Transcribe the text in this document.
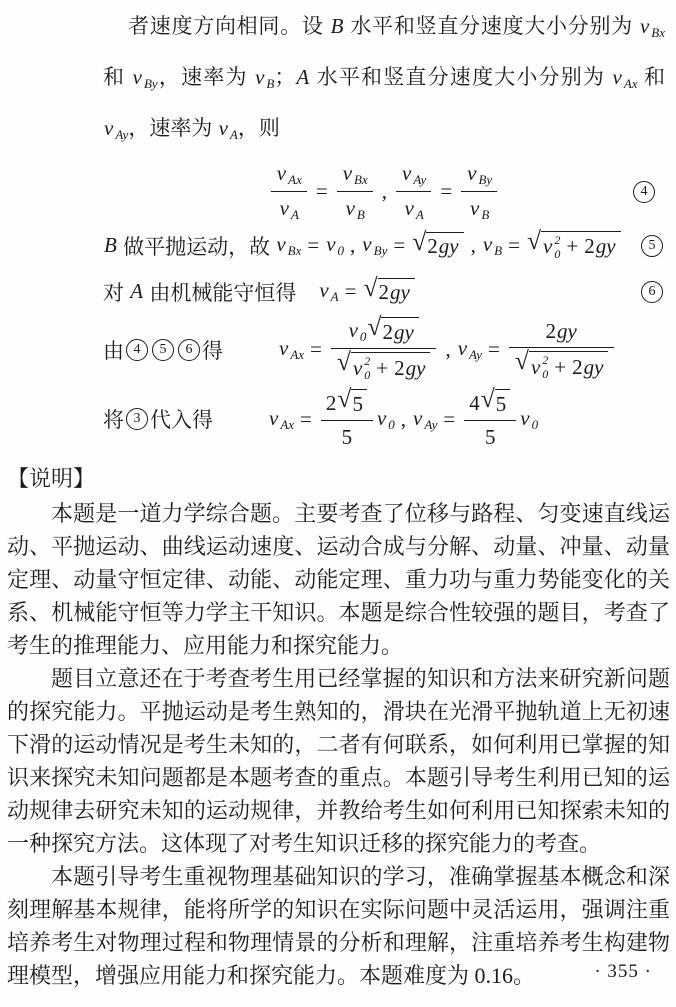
者速度方向相同。设 B 水平和竖直分速度大小分别为 v Bx 和 v By，速率为 v B；A 水平和竖直分速度大小分别为 v Ax 和 v Ay，速率为 v A，则

v Ax
v A
=
v Bx
v B
,
v Ay
v A
=
v By
v B
4
B 做平抛运动，故 v Bx = v 0 , v By = √ 2 gy , v B = √ v 2
0 + 2 gy	5
对 A 由机械能守恒得 v A = √ 2 gy	6
由 4	5	6 得	v Ax = v 0 √ 2 gy
√ v 2
0 + 2 gy , v Ay = 2 gy
√ v 2
0 + 2 gy
将 3 代入得	v $Ax = \frac{2 √ 5}{5}$ v 0 , v $Ay = \frac{4 √ 5}{5}$ v 0
【说明】

本题是一道力学综合题。主要考查了位移与路程、匀变速直线运动、平抛运动、曲线运动速度、运动合成与分解、动量、冲量、动量定理、动量守恒定律、动能、动能定理、重力功与重力势能变化的关系、机械能守恒等力学主干知识。本题是综合性较强的题目，考查了考生的推理能力、应用能力和探究能力。

题目立意还在于考查考生用已经掌握的知识和方法来研究新问题的探究能力。平抛运动是考生熟知的，滑块在光滑平抛轨道上无初速下滑的运动情况是考生未知的，二者有何联系，如何利用已掌握的知识来探究未知问题都是本题考查的重点。本题引导考生利用已知的运动规律去研究未知的运动规律，并教给考生如何利用已知探索未知的一种探究方法。这体现了对考生知识迁移的探究能力的考查。

本题引导考生重视物理基础知识的学习，准确掌握基本概念和深刻理解基本规律，能将所学的知识在实际问题中灵活运用，强调注重培养考生对物理过程和物理情景的分析和理解，注重培养考生构建物理模型，增强应用能力和探究能力。本题难度为 0.16。	· 355 ·
